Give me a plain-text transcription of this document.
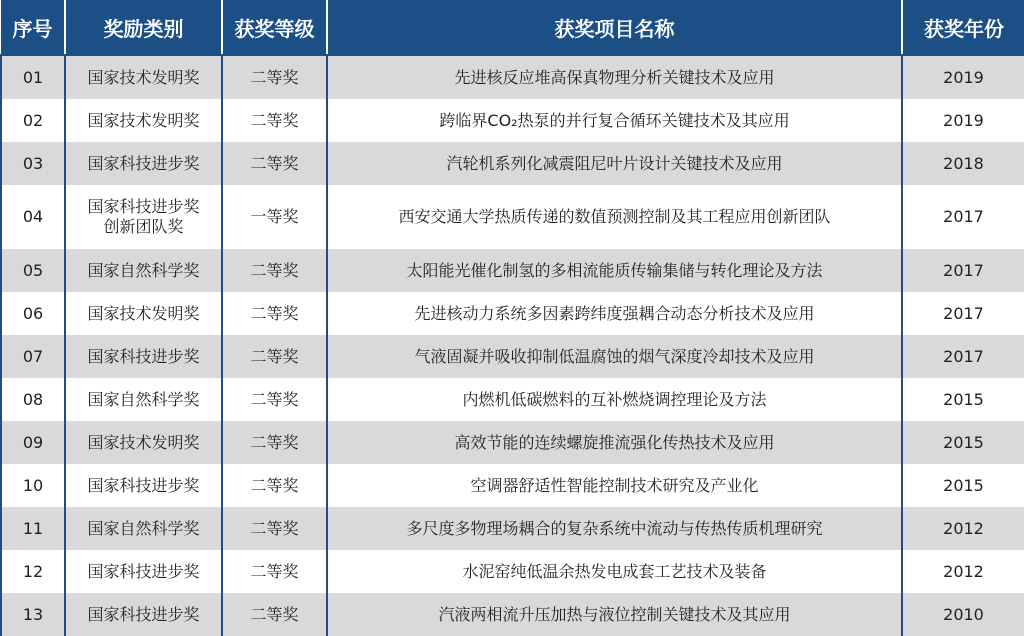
序号	奖励类别	获奖等级	获奖项目名称	获奖年份
01	国家技术发明奖	二等奖	先进核反应堆高保真物理分析关键技术及应用	2019
02	国家技术发明奖	二等奖	跨临界CO₂热泵的并行复合循环关键技术及其应用	2019
03	国家科技进步奖	二等奖	汽轮机系列化减震阻尼叶片设计关键技术及应用	2018
04	国家科技进步奖
创新团队奖	一等奖	西安交通大学热质传递的数值预测控制及其工程应用创新团队	2017
05	国家自然科学奖	二等奖	太阳能光催化制氢的多相流能质传输集储与转化理论及方法	2017
06	国家技术发明奖	二等奖	先进核动力系统多因素跨纬度强耦合动态分析技术及应用	2017
07	国家科技进步奖	二等奖	气液固凝并吸收抑制低温腐蚀的烟气深度冷却技术及应用	2017
08	国家自然科学奖	二等奖	内燃机低碳燃料的互补燃烧调控理论及方法	2015
09	国家技术发明奖	二等奖	高效节能的连续螺旋推流强化传热技术及应用	2015
10	国家科技进步奖	二等奖	空调器舒适性智能控制技术研究及产业化	2015
11	国家自然科学奖	二等奖	多尺度多物理场耦合的复杂系统中流动与传热传质机理研究	2012
12	国家科技进步奖	二等奖	水泥窑纯低温余热发电成套工艺技术及装备	2012
13	国家科技进步奖	二等奖	汽液两相流升压加热与液位控制关键技术及其应用	2010
